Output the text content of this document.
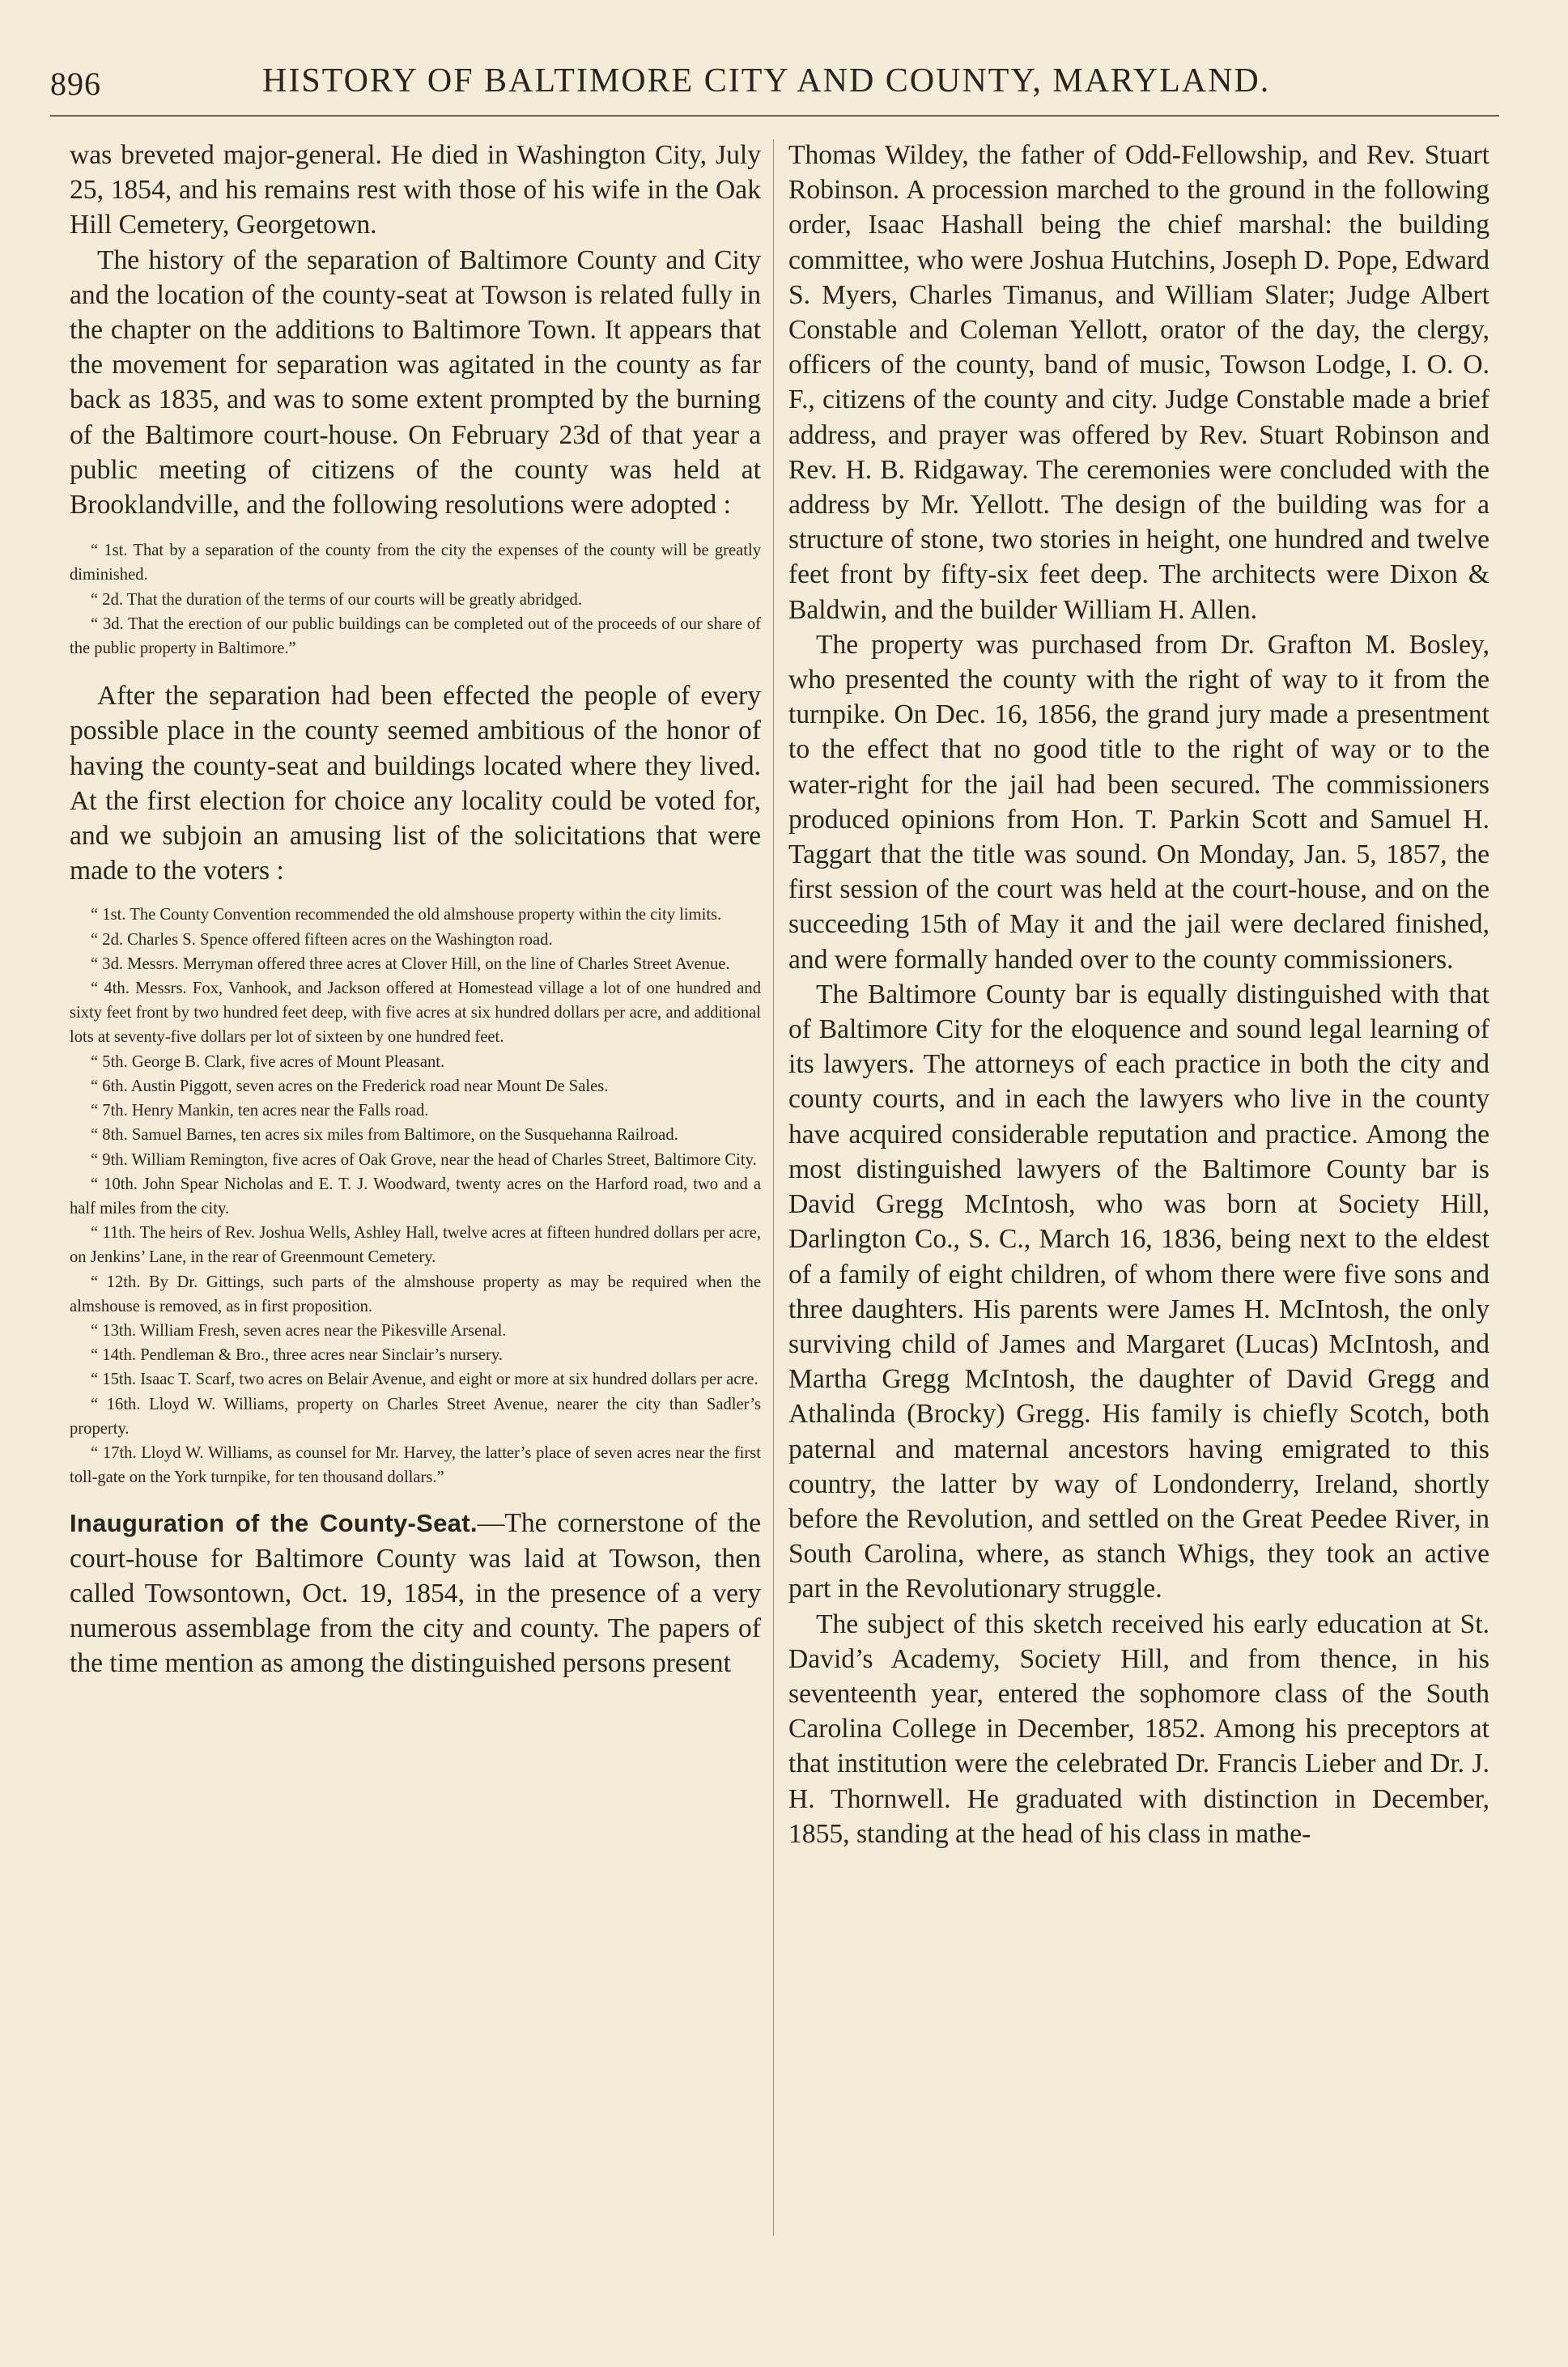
896	HISTORY OF BALTIMORE CITY AND COUNTY, MARYLAND.

was breveted major-general. He died in Washington City, July 25, 1854, and his remains rest with those of his wife in the Oak Hill Cemetery, Georgetown.

The history of the separation of Baltimore County and City and the location of the county-seat at Towson is related fully in the chapter on the additions to Baltimore Town. It appears that the movement for separation was agitated in the county as far back as 1835, and was to some extent prompted by the burning of the Baltimore court-house. On February 23d of that year a public meeting of citizens of the county was held at Brooklandville, and the following resolutions were adopted :

“ 1st. That by a separation of the county from the city the expenses of the county will be greatly diminished.

“ 2d. That the duration of the terms of our courts will be greatly abridged.

“ 3d. That the erection of our public buildings can be completed out of the proceeds of our share of the public property in Baltimore.”

After the separation had been effected the people of every possible place in the county seemed ambitious of the honor of having the county-seat and buildings located where they lived. At the first election for choice any locality could be voted for, and we subjoin an amusing list of the solicitations that were made to the voters :

“ 1st. The County Convention recommended the old almshouse property within the city limits.

“ 2d. Charles S. Spence offered fifteen acres on the Washington road.

“ 3d. Messrs. Merryman offered three acres at Clover Hill, on the line of Charles Street Avenue.

“ 4th. Messrs. Fox, Vanhook, and Jackson offered at Homestead village a lot of one hundred and sixty feet front by two hundred feet deep, with five acres at six hundred dollars per acre, and additional lots at seventy-five dollars per lot of sixteen by one hundred feet.

“ 5th. George B. Clark, five acres of Mount Pleasant.

“ 6th. Austin Piggott, seven acres on the Frederick road near Mount De Sales.

“ 7th. Henry Mankin, ten acres near the Falls road.

“ 8th. Samuel Barnes, ten acres six miles from Baltimore, on the Susquehanna Railroad.

“ 9th. William Remington, five acres of Oak Grove, near the head of Charles Street, Baltimore City.

“ 10th. John Spear Nicholas and E. T. J. Woodward, twenty acres on the Harford road, two and a half miles from the city.

“ 11th. The heirs of Rev. Joshua Wells, Ashley Hall, twelve acres at fifteen hundred dollars per acre, on Jenkins’ Lane, in the rear of Greenmount Cemetery.

“ 12th. By Dr. Gittings, such parts of the almshouse property as may be required when the almshouse is removed, as in first proposition.

“ 13th. William Fresh, seven acres near the Pikesville Arsenal.

“ 14th. Pendleman & Bro., three acres near Sinclair’s nursery.

“ 15th. Isaac T. Scarf, two acres on Belair Avenue, and eight or more at six hundred dollars per acre.

“ 16th. Lloyd W. Williams, property on Charles Street Avenue, nearer the city than Sadler’s property.

“ 17th. Lloyd W. Williams, as counsel for Mr. Harvey, the latter’s place of seven acres near the first toll-gate on the York turnpike, for ten thousand dollars.”

Inauguration of the County-Seat.—The cornerstone of the court-house for Baltimore County was laid at Towson, then called Towsontown, Oct. 19, 1854, in the presence of a very numerous assemblage from the city and county. The papers of the time mention as among the distinguished persons present

Thomas Wildey, the father of Odd-Fellowship, and Rev. Stuart Robinson. A procession marched to the ground in the following order, Isaac Hashall being the chief marshal: the building committee, who were Joshua Hutchins, Joseph D. Pope, Edward S. Myers, Charles Timanus, and William Slater; Judge Albert Constable and Coleman Yellott, orator of the day, the clergy, officers of the county, band of music, Towson Lodge, I. O. O. F., citizens of the county and city. Judge Constable made a brief address, and prayer was offered by Rev. Stuart Robinson and Rev. H. B. Ridgaway. The ceremonies were concluded with the address by Mr. Yellott. The design of the building was for a structure of stone, two stories in height, one hundred and twelve feet front by fifty-six feet deep. The architects were Dixon & Baldwin, and the builder William H. Allen.

The property was purchased from Dr. Grafton M. Bosley, who presented the county with the right of way to it from the turnpike. On Dec. 16, 1856, the grand jury made a presentment to the effect that no good title to the right of way or to the water-right for the jail had been secured. The commissioners produced opinions from Hon. T. Parkin Scott and Samuel H. Taggart that the title was sound. On Monday, Jan. 5, 1857, the first session of the court was held at the court-house, and on the succeeding 15th of May it and the jail were declared finished, and were formally handed over to the county commissioners.

The Baltimore County bar is equally distinguished with that of Baltimore City for the eloquence and sound legal learning of its lawyers. The attorneys of each practice in both the city and county courts, and in each the lawyers who live in the county have acquired considerable reputation and practice. Among the most distinguished lawyers of the Baltimore County bar is David Gregg McIntosh, who was born at Society Hill, Darlington Co., S. C., March 16, 1836, being next to the eldest of a family of eight children, of whom there were five sons and three daughters. His parents were James H. McIntosh, the only surviving child of James and Margaret (Lucas) McIntosh, and Martha Gregg McIntosh, the daughter of David Gregg and Athalinda (Brocky) Gregg. His family is chiefly Scotch, both paternal and maternal ancestors having emigrated to this country, the latter by way of Londonderry, Ireland, shortly before the Revolution, and settled on the Great Peedee River, in South Carolina, where, as stanch Whigs, they took an active part in the Revolutionary struggle.

The subject of this sketch received his early education at St. David’s Academy, Society Hill, and from thence, in his seventeenth year, entered the sophomore class of the South Carolina College in December, 1852. Among his preceptors at that institution were the celebrated Dr. Francis Lieber and Dr. J. H. Thornwell. He graduated with distinction in December, 1855, standing at the head of his class in mathe-
